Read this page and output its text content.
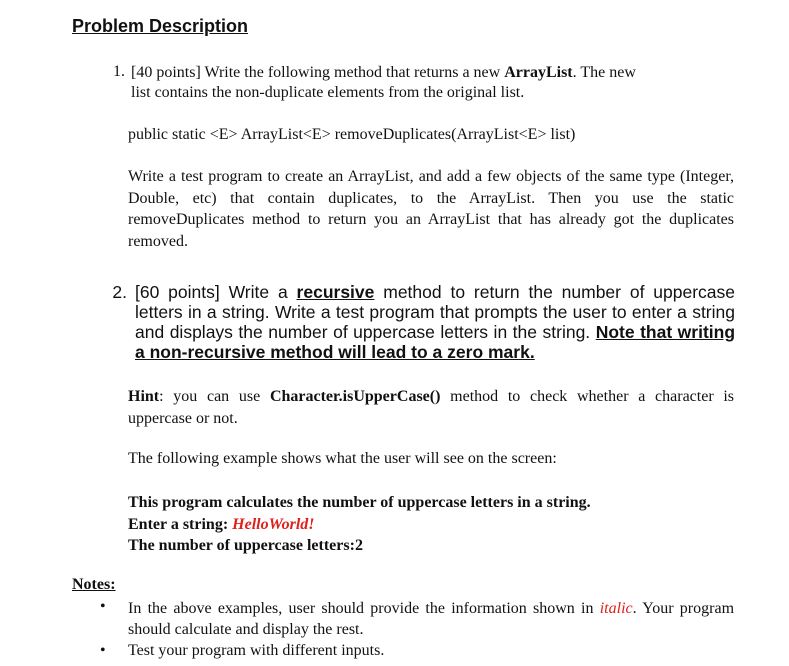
Problem Description
1. [40 points] Write the following method that returns a new ArrayList. The new
list contains the non-duplicate elements from the original list.
public static <E> ArrayList<E> removeDuplicates(ArrayList<E> list)
Write a test program to create an ArrayList, and add a few objects of the same type (Integer, Double, etc) that contain duplicates, to the ArrayList. Then you use the static removeDuplicates method to return you an ArrayList that has already got the duplicates removed.
2. [60 points] Write a recursive method to return the number of uppercase letters in a string. Write a test program that prompts the user to enter a string and displays the number of uppercase letters in the string. Note that writing a non-recursive method will lead to a zero mark.
Hint: you can use Character.isUpperCase() method to check whether a character is uppercase or not.
The following example shows what the user will see on the screen:
This program calculates the number of uppercase letters in a string.
Enter a string: HelloWorld!
The number of uppercase letters:2
Notes:
• In the above examples, user should provide the information shown in italic. Your program should calculate and display the rest.
• Test your program with different inputs.
